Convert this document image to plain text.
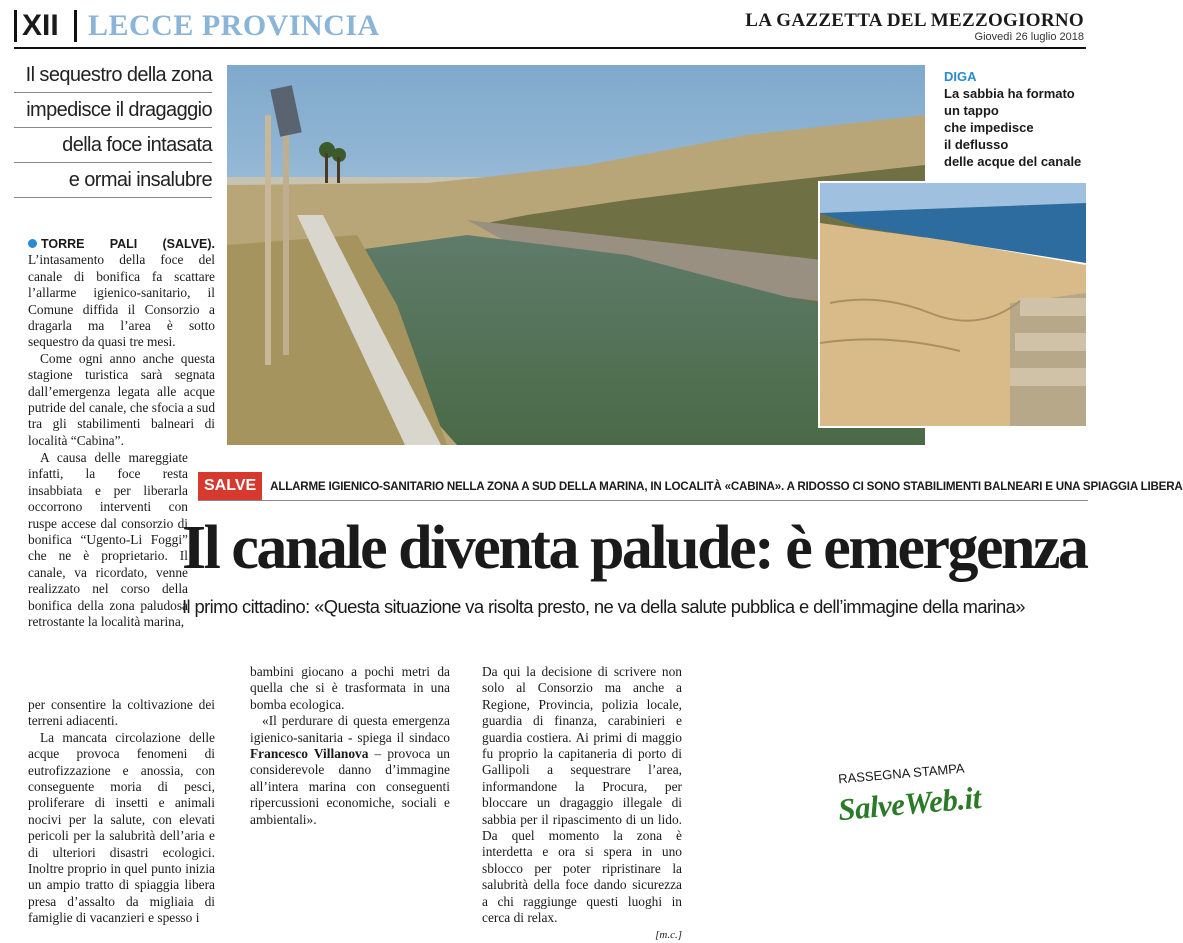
XII LECCE PROVINCIA	LA GAZZETTA DEL MEZZOGIORNO
Giovedì 26 luglio 2018
Il sequestro della zona
impedisce il dragaggio
della foce intasata
e ormai insalubre
DIGA
La sabbia ha formato
un tappo
che impedisce
il deflusso
delle acque del canale

TORRE PALI (SALVE). L’intasamento della foce del canale di bonifica fa scattare l’allarme igienico-sanitario, il Comune diffida il Consorzio a dragarla ma l’area è sotto sequestro da quasi tre mesi.

Come ogni anno anche questa stagione turistica sarà segnata dall’emergenza legata alle acque putride del canale, che sfocia a sud tra gli stabilimenti balneari di località “Cabina”.

A causa delle mareggiate infatti, la foce resta insabbiata e per liberarla occorrono interventi con ruspe accese dal consorzio di bonifica “Ugento-Li Foggi” che ne è proprietario. Il canale, va ricordato, venne realizzato nel corso della bonifica della zona paludosa retrostante la località marina,

per consentire la coltivazione dei terreni adiacenti.

La mancata circolazione delle acque provoca fenomeni di eutrofizzazione e anossia, con conseguente moria di pesci, proliferare di insetti e animali nocivi per la salute, con elevati pericoli per la salubrità dell’aria e di ulteriori disastri ecologici. Inoltre proprio in quel punto inizia un ampio tratto di spiaggia libera presa d’assalto da migliaia di famiglie di vacanzieri e spesso i

SALVE	ALLARME IGIENICO-SANITARIO NELLA ZONA A SUD DELLA MARINA, IN LOCALITÀ «CABINA». A RIDOSSO CI SONO STABILIMENTI BALNEARI E UNA SPIAGGIA LIBERA
Il canale diventa palude: è emergenza
Il primo cittadino: «Questa situazione va risolta presto, ne va della salute pubblica e dell’immagine della marina»

bambini giocano a pochi metri da quella che si è trasformata in una bomba ecologica.

«Il perdurare di questa emergenza igienico-sanitaria - spiega il sindaco Francesco Villanova – provoca un considerevole danno d’immagine all’intera marina con conseguenti ripercussioni economiche, sociali e ambientali».

Da qui la decisione di scrivere non solo al Consorzio ma anche a Regione, Provincia, polizia locale, guardia di finanza, carabinieri e guardia costiera. Ai primi di maggio fu proprio la capitaneria di porto di Gallipoli a sequestrare l’area, informandone la Procura, per bloccare un dragaggio illegale di sabbia per il ripascimento di un lido. Da quel momento la zona è interdetta e ora si spera in uno sblocco per poter ripristinare la salubrità della foce dando sicurezza a chi raggiunge questi luoghi in cerca di relax.

[m.c.]
RASSEGNA STAMPA
SalveWeb.it
